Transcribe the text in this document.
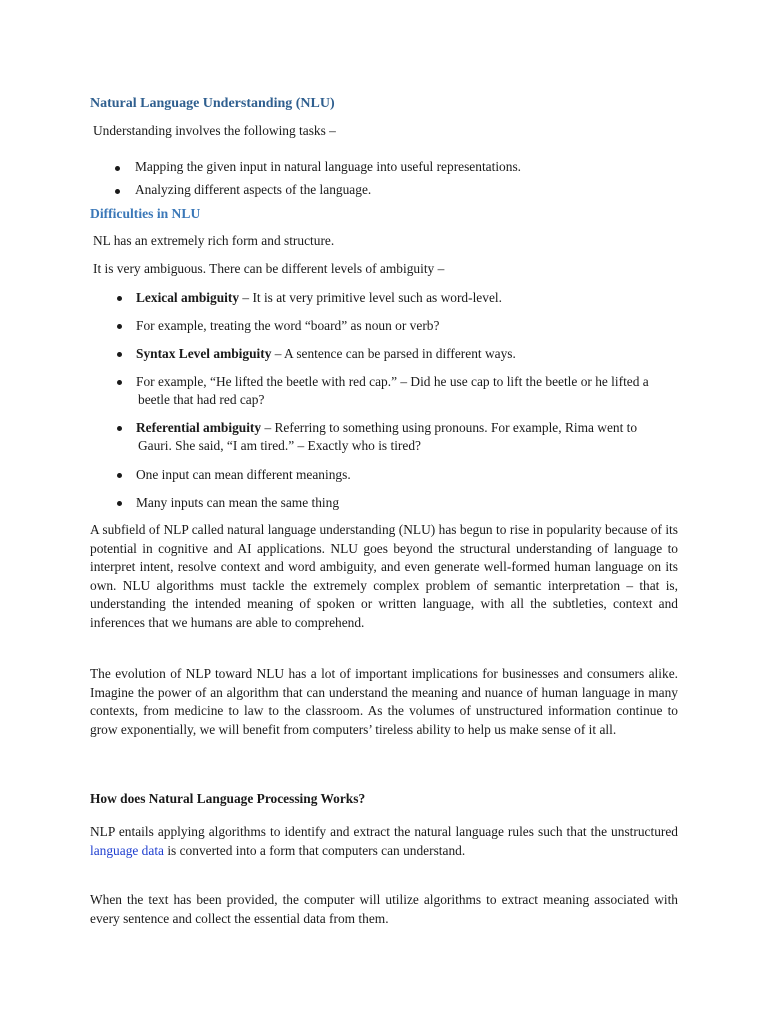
Natural Language Understanding (NLU)
Understanding involves the following tasks –
Mapping the given input in natural language into useful representations.
Analyzing different aspects of the language.
Difficulties in NLU
NL has an extremely rich form and structure.
It is very ambiguous. There can be different levels of ambiguity –
Lexical ambiguity – It is at very primitive level such as word-level.
For example, treating the word “board” as noun or verb?
Syntax Level ambiguity – A sentence can be parsed in different ways.
For example, “He lifted the beetle with red cap.” – Did he use cap to lift the beetle or he lifted a
beetle that had red cap?
Referential ambiguity – Referring to something using pronouns. For example, Rima went to
Gauri. She said, “I am tired.” – Exactly who is tired?
One input can mean different meanings.
Many inputs can mean the same thing
A subfield of NLP called natural language understanding (NLU) has begun to rise in popularity because of its potential in cognitive and AI applications. NLU goes beyond the structural understanding of language to interpret intent, resolve context and word ambiguity, and even generate well-formed human language on its own. NLU algorithms must tackle the extremely complex problem of semantic interpretation – that is, understanding the intended meaning of spoken or written language, with all the subtleties, context and inferences that we humans are able to comprehend.
The evolution of NLP toward NLU has a lot of important implications for businesses and consumers alike. Imagine the power of an algorithm that can understand the meaning and nuance of human language in many contexts, from medicine to law to the classroom. As the volumes of unstructured information continue to grow exponentially, we will benefit from computers’ tireless ability to help us make sense of it all.
How does Natural Language Processing Works?
NLP entails applying algorithms to identify and extract the natural language rules such that the unstructured language data is converted into a form that computers can understand.
When the text has been provided, the computer will utilize algorithms to extract meaning associated with every sentence and collect the essential data from them.
